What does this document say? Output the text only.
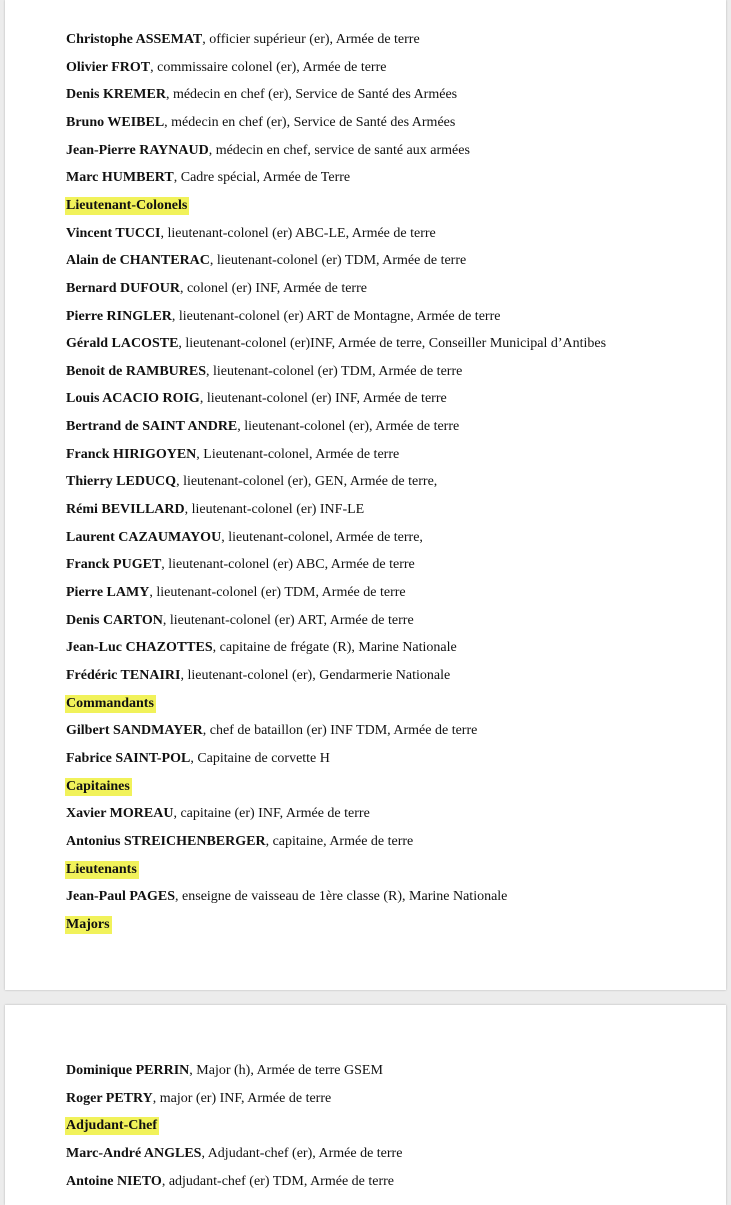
Christophe ASSEMAT, officier supérieur (er), Armée de terre
Olivier FROT, commissaire colonel (er), Armée de terre
Denis KREMER, médecin en chef (er), Service de Santé des Armées
Bruno WEIBEL, médecin en chef (er), Service de Santé des Armées
Jean-Pierre RAYNAUD, médecin en chef, service de santé aux armées
Marc HUMBERT, Cadre spécial, Armée de Terre
Lieutenant-Colonels
Vincent TUCCI, lieutenant-colonel (er) ABC-LE, Armée de terre
Alain de CHANTERAC, lieutenant-colonel (er) TDM, Armée de terre
Bernard DUFOUR, colonel (er) INF, Armée de terre
Pierre RINGLER, lieutenant-colonel (er) ART de Montagne, Armée de terre
Gérald LACOSTE, lieutenant-colonel (er)INF, Armée de terre, Conseiller Municipal d’Antibes
Benoit de RAMBURES, lieutenant-colonel (er) TDM, Armée de terre
Louis ACACIO ROIG, lieutenant-colonel (er) INF, Armée de terre
Bertrand de SAINT ANDRE, lieutenant-colonel (er), Armée de terre
Franck HIRIGOYEN, Lieutenant-colonel, Armée de terre
Thierry LEDUCQ, lieutenant-colonel (er), GEN, Armée de terre,
Rémi BEVILLARD, lieutenant-colonel (er) INF-LE
Laurent CAZAUMAYOU, lieutenant-colonel, Armée de terre,
Franck PUGET, lieutenant-colonel (er) ABC, Armée de terre
Pierre LAMY, lieutenant-colonel (er) TDM, Armée de terre
Denis CARTON, lieutenant-colonel (er) ART, Armée de terre
Jean-Luc CHAZOTTES, capitaine de frégate (R), Marine Nationale
Frédéric TENAIRI, lieutenant-colonel (er), Gendarmerie Nationale
Commandants
Gilbert SANDMAYER, chef de bataillon (er) INF TDM, Armée de terre
Fabrice SAINT-POL, Capitaine de corvette H
Capitaines
Xavier MOREAU, capitaine (er) INF, Armée de terre
Antonius STREICHENBERGER, capitaine, Armée de terre
Lieutenants
Jean-Paul PAGES, enseigne de vaisseau de 1ère classe (R), Marine Nationale
Majors
Dominique PERRIN, Major (h), Armée de terre GSEM
Roger PETRY, major (er) INF, Armée de terre
Adjudant-Chef
Marc-André ANGLES, Adjudant-chef (er), Armée de terre
Antoine NIETO, adjudant-chef (er) TDM, Armée de terre
